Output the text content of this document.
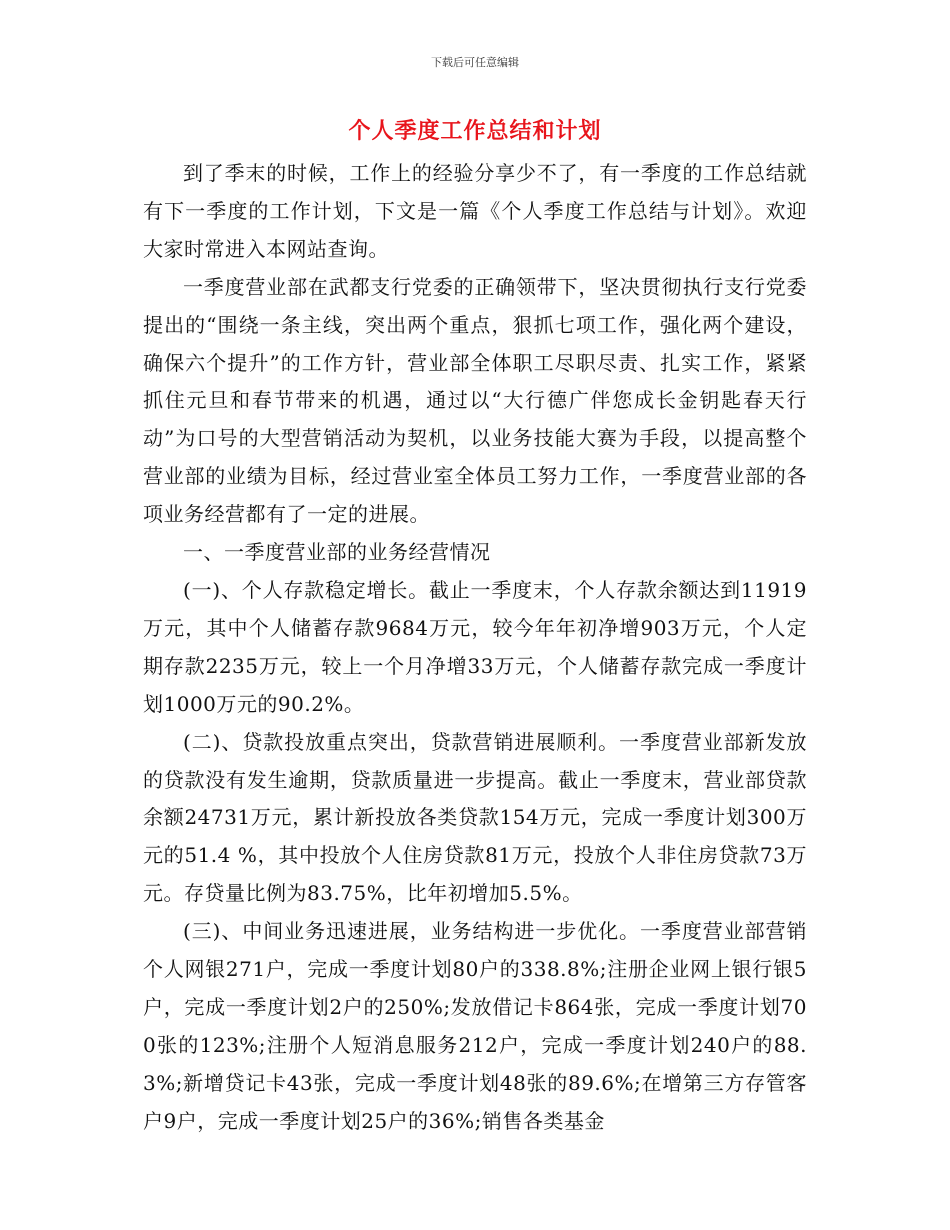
下载后可任意编辑
个人季度工作总结和计划

到了季末的时候，工作上的经验分享少不了，有一季度的工作总结就有下一季度的工作计划，下文是一篇《个人季度工作总结与计划》。欢迎大家时常进入本网站查询。

一季度营业部在武都支行党委的正确领带下，坚决贯彻执行支行党委提出的“围绕一条主线，突出两个重点，狠抓七项工作，强化两个建设，确保六个提升”的工作方针，营业部全体职工尽职尽责、扎实工作，紧紧抓住元旦和春节带来的机遇，通过以“大行德广伴您成长金钥匙春天行动”为口号的大型营销活动为契机，以业务技能大赛为手段，以提高整个营业部的业绩为目标，经过营业室全体员工努力工作，一季度营业部的各项业务经营都有了一定的进展。

一、一季度营业部的业务经营情况

(一)、个人存款稳定增长。截止一季度末，个人存款余额达到11919万元，其中个人储蓄存款9684万元，较今年年初净增903万元，个人定期存款2235万元，较上一个月净增33万元，个人储蓄存款完成一季度计划1000万元的90.2%。

(二)、贷款投放重点突出，贷款营销进展顺利。一季度营业部新发放的贷款没有发生逾期，贷款质量进一步提高。截止一季度末，营业部贷款余额24731万元，累计新投放各类贷款154万元，完成一季度计划300万元的51.4 %，其中投放个人住房贷款81万元，投放个人非住房贷款73万元。存贷量比例为83.75%，比年初增加5.5%。

(三)、中间业务迅速进展，业务结构进一步优化。一季度营业部营销个人网银271户，完成一季度计划80户的338.8%;注册企业网上银行银5户，完成一季度计划2户的250%;发放借记卡864张，完成一季度计划700张的123%;注册个人短消息服务212户，完成一季度计划240户的88.3%;新增贷记卡43张，完成一季度计划48张的89.6%;在增第三方存管客户9户，完成一季度计划25户的36%;销售各类基金
